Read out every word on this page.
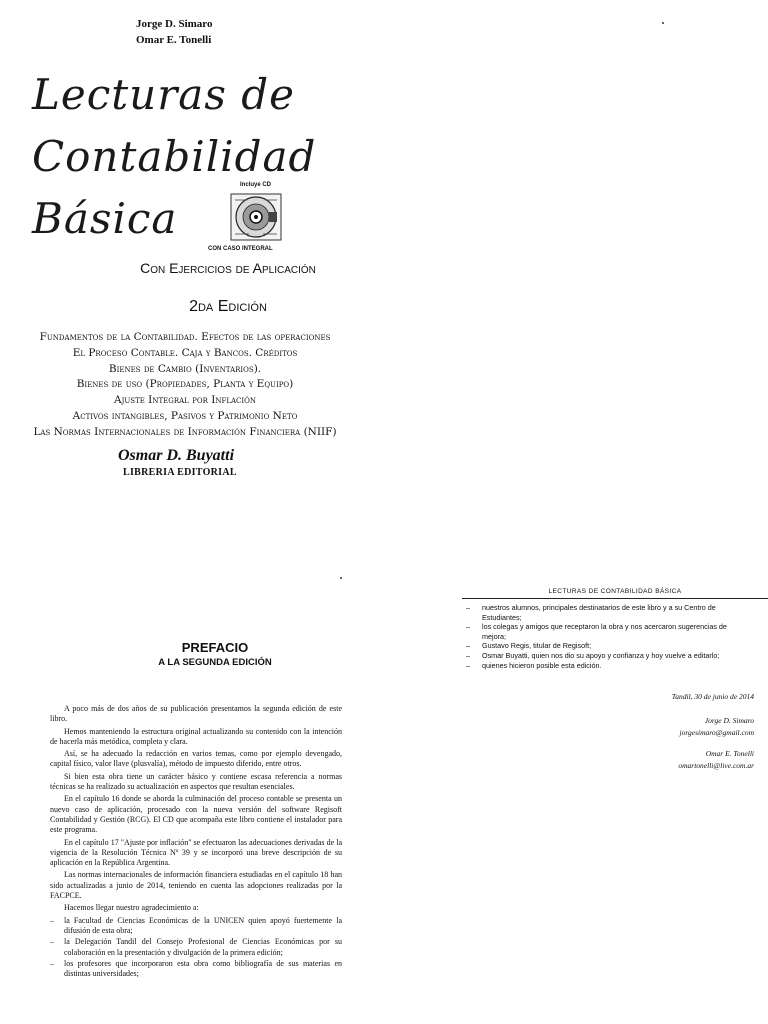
Jorge D. Simaro
Omar E. Tonelli
Lecturas de
Contabilidad
Básica
Incluye CD
CON CASO INTEGRAL
Con Ejercicios de Aplicación
2da Edición
Fundamentos de la Contabilidad. Efectos de las operaciones
El Proceso Contable. Caja y Bancos. Créditos
Bienes de Cambio (Inventarios).
Bienes de uso (Propiedades, Planta y Equipo)
Ajuste Integral por Inflación
Activos intangibles, Pasivos y Patrimonio Neto
Las Normas Internacionales de Información Financiera (NIIF)
Osmar D. Buyatti
LIBRERIA EDITORIAL
PREFACIO
A LA SEGUNDA EDICIÓN

A poco más de dos años de su publicación presentamos la segunda edición de este libro.

Hemos manteniendo la estructura original actualizando su contenido con la intención de hacerla más metódica, completa y clara.

Así, se ha adecuado la redacción en varios temas, como por ejemplo devengado, capital físico, valor llave (plusvalía), método de impuesto diferido, entre otros.

Si bien esta obra tiene un carácter básico y contiene escasa referencia a normas técnicas se ha realizado su actualización en aspectos que resultan esenciales.

En el capítulo 16 donde se aborda la culminación del proceso contable se presenta un nuevo caso de aplicación, procesado con la nueva versión del software Regisoft Contabilidad y Gestión (RCG). El CD que acompaña este libro contiene el instalador para este programa.

En el capítulo 17 "Ajuste por inflación" se efectuaron las adecuaciones derivadas de la vigencia de la Resolución Técnica Nº 39 y se incorporó una breve descripción de su aplicación en la República Argentina.

Las normas internacionales de información financiera estudiadas en el capítulo 18 han sido actualizadas a junio de 2014, teniendo en cuenta las adopciones realizadas por la FACPCE.

Hacemos llegar nuestro agradecimiento a:

– la Facultad de Ciencias Económicas de la UNICEN quien apoyó fuertemente la difusión de esta obra;
– la Delegación Tandil del Consejo Profesional de Ciencias Económicas por su colaboración en la presentación y divulgación de la primera edición;
– los profesores que incorporaron esta obra como bibliografía de sus materias en distintas universidades;
LECTURAS DE CONTABILIDAD BÁSICA
– nuestros alumnos, principales destinatarios de este libro y a su Centro de Estudiantes;
– los colegas y amigos que receptaron la obra y nos acercaron sugerencias de mejora;
– Gustavo Regis, titular de Regisoft;
– Osmar Buyatti, quien nos dio su apoyo y confianza y hoy vuelve a editarlo;
– quienes hicieron posible esta edición.
Tandil, 30 de junio de 2014
Jorge D. Simaro
jorgesimaro@gmail.com
Omar E. Tonelli
omartonelli@live.com.ar
